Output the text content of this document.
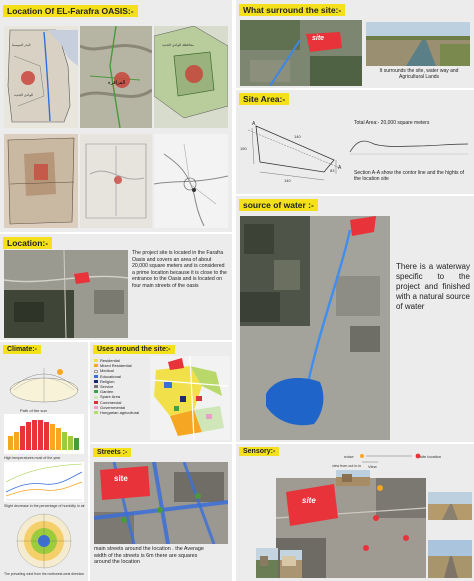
Location Of EL-Farafra OASIS:-
البحر المتوسط
الوادي الجديد
الفرافرة
محافظة الوادي الجديد
What surround the site:-
site
It surrounds the site, water way and Agricultural Lands
Site Area:-
A
A
140
150
83
140
Total Area:- 20,000 square meters
Section A-A show the contor line and the hights of the location site
Location:-
The project site is located in the Farafra Oasis and covers an area of about 20,000 square meters and is considered a prime location because it is close to the entrance to the Oasis and is located on four main streets of the oasis
source of water :-
There is a waterway specific to the project and finished with a natural source of water
Climate:-
Path of the sun
High temperatures most of the year
Slight decrease in the percentage of humidity in air
The prevailing wind from the northwest-west direction
Uses around the site:-
Residential
Mixed Residential
Medical
Educational
Religion
Service
Garden
Spare Area
Commercial
Governmental
Hungarian agricultural
Streets :-
site
main streets around the location . the Average width of the streets is 6m there are squares around the location
Sensory:-
site
noise
view from out to in View
site location
